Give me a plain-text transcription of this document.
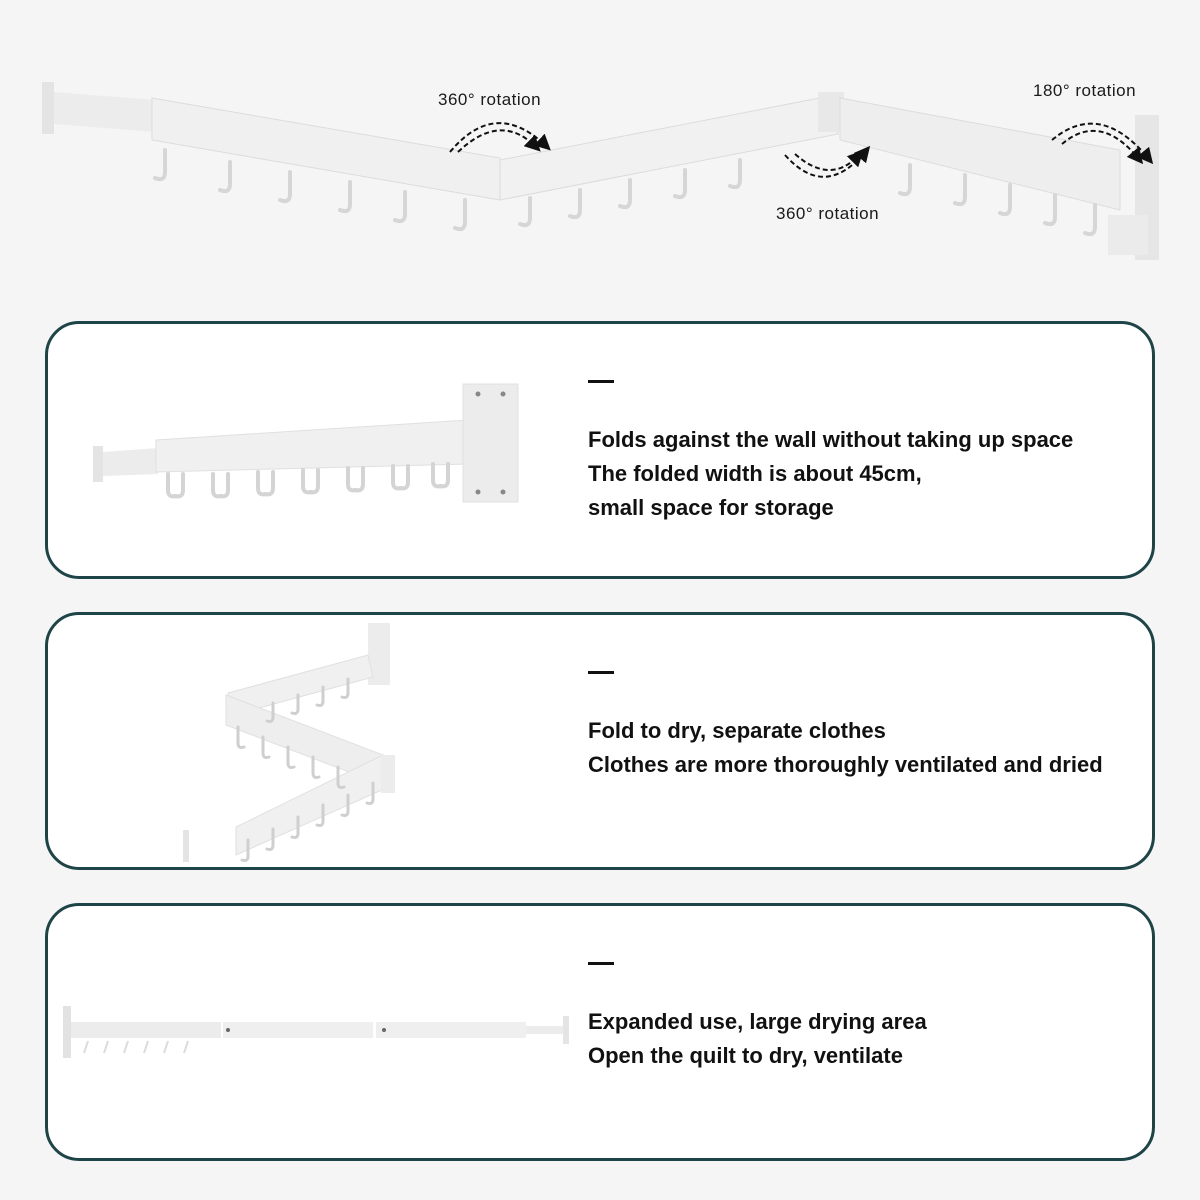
360° rotation
360° rotation
180° rotation
Folds against the wall without taking up space
The folded width is about 45cm,
small space for storage
Fold to dry, separate clothes
Clothes are more thoroughly ventilated and dried
Expanded use, large drying area
Open the quilt to dry, ventilate
